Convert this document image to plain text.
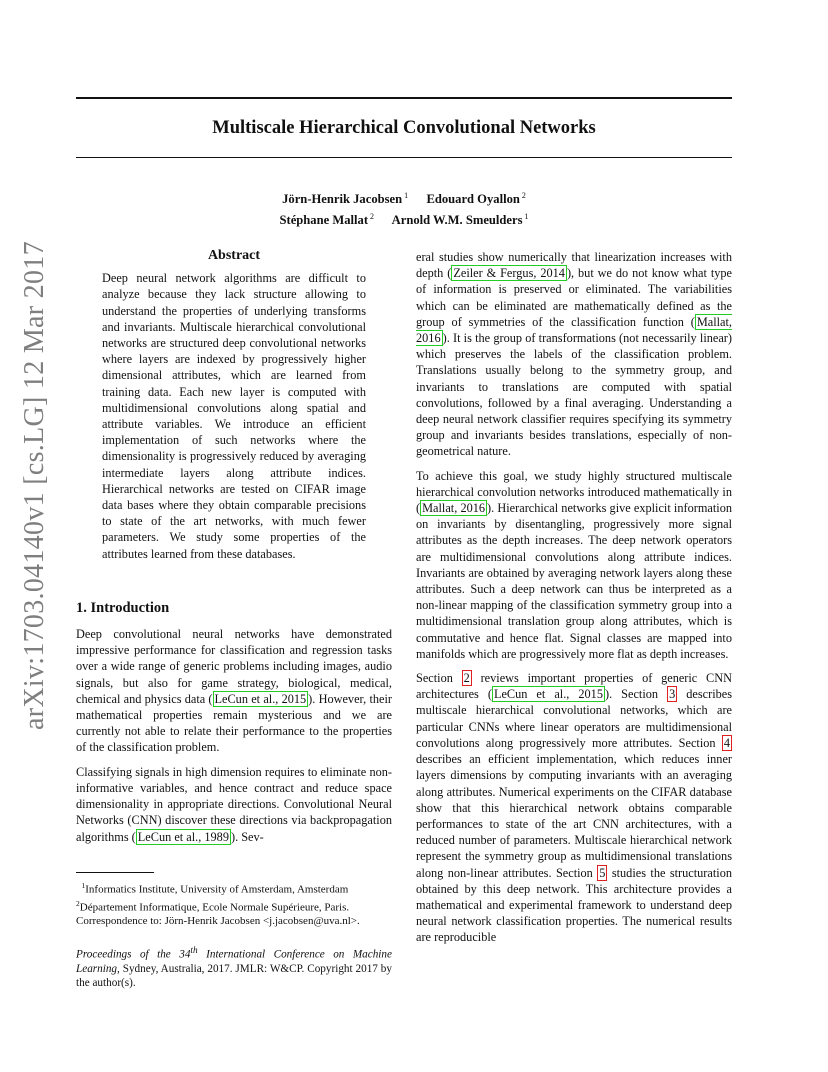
Multiscale Hierarchical Convolutional Networks
Jörn-Henrik Jacobsen $^1$ Edouard Oyallon $^2$
Stéphane Mallat $^2$ Arnold W.M. Smeulders $^1$
arXiv:1703.04140v1 [cs.LG] 12 Mar 2017	Abstract

Deep neural network algorithms are difficult to analyze because they lack structure allowing to understand the properties of underlying transforms and invariants. Multiscale hierarchical convolutional networks are structured deep convolutional networks where layers are indexed by progressively higher dimensional attributes, which are learned from training data. Each new layer is computed with multidimensional convolutions along spatial and attribute variables. We introduce an efficient implementation of such networks where the dimensionality is progressively reduced by averaging intermediate layers along attribute indices. Hierarchical networks are tested on CIFAR image data bases where they obtain comparable precisions to state of the art networks, with much fewer parameters. We study some properties of the attributes learned from these databases.

1. Introduction

Deep convolutional neural networks have demonstrated impressive performance for classification and regression tasks over a wide range of generic problems including images, audio signals, but also for game strategy, biological, medical, chemical and physics data ( LeCun et al., 2015 ). However, their mathematical properties remain mysterious and we are currently not able to relate their performance to the properties of the classification problem.

Classifying signals in high dimension requires to eliminate non-informative variables, and hence contract and reduce space dimensionality in appropriate directions. Convolutional Neural Networks (CNN) discover these directions via backpropagation algorithms ( LeCun et al., 1989 ). Sev-

$^1$Informatics Institute, University of Amsterdam, Amsterdam
$^2$Département Informatique, Ecole Normale Supérieure, Paris.
Correspondence to: Jörn-Henrik Jacobsen <j.jacobsen@uva.nl>.
Proceedings of the 34th International Conference on Machine Learning, Sydney, Australia, 2017. JMLR: W&CP. Copyright 2017 by the author(s).

eral studies show numerically that linearization increases with depth ( Zeiler & Fergus, 2014 ), but we do not know what type of information is preserved or eliminated. The variabilities which can be eliminated are mathematically defined as the group of symmetries of the classification function ( Mallat, 2016 ). It is the group of transformations (not necessarily linear) which preserves the labels of the classification problem. Translations usually belong to the symmetry group, and invariants to translations are computed with spatial convolutions, followed by a final averaging. Understanding a deep neural network classifier requires specifying its symmetry group and invariants besides translations, especially of non-geometrical nature.

To achieve this goal, we study highly structured multiscale hierarchical convolution networks introduced mathematically in ( Mallat, 2016 ). Hierarchical networks give explicit information on invariants by disentangling, progressively more signal attributes as the depth increases. The deep network operators are multidimensional convolutions along attribute indices. Invariants are obtained by averaging network layers along these attributes. Such a deep network can thus be interpreted as a non-linear mapping of the classification symmetry group into a multidimensional translation group along attributes, which is commutative and hence flat. Signal classes are mapped into manifolds which are progressively more flat as depth increases.

Section 2 reviews important properties of generic CNN architectures ( LeCun et al., 2015 ). Section 3 describes multiscale hierarchical convolutional networks, which are particular CNNs where linear operators are multidimensional convolutions along progressively more attributes. Section 4 describes an efficient implementation, which reduces inner layers dimensions by computing invariants with an averaging along attributes. Numerical experiments on the CIFAR database show that this hierarchical network obtains comparable performances to state of the art CNN architectures, with a reduced number of parameters. Multiscale hierarchical network represent the symmetry group as multidimensional translations along non-linear attributes. Section 5 studies the structuration obtained by this deep network. This architecture provides a mathematical and experimental framework to understand deep neural network classification properties. The numerical results are reproducible
